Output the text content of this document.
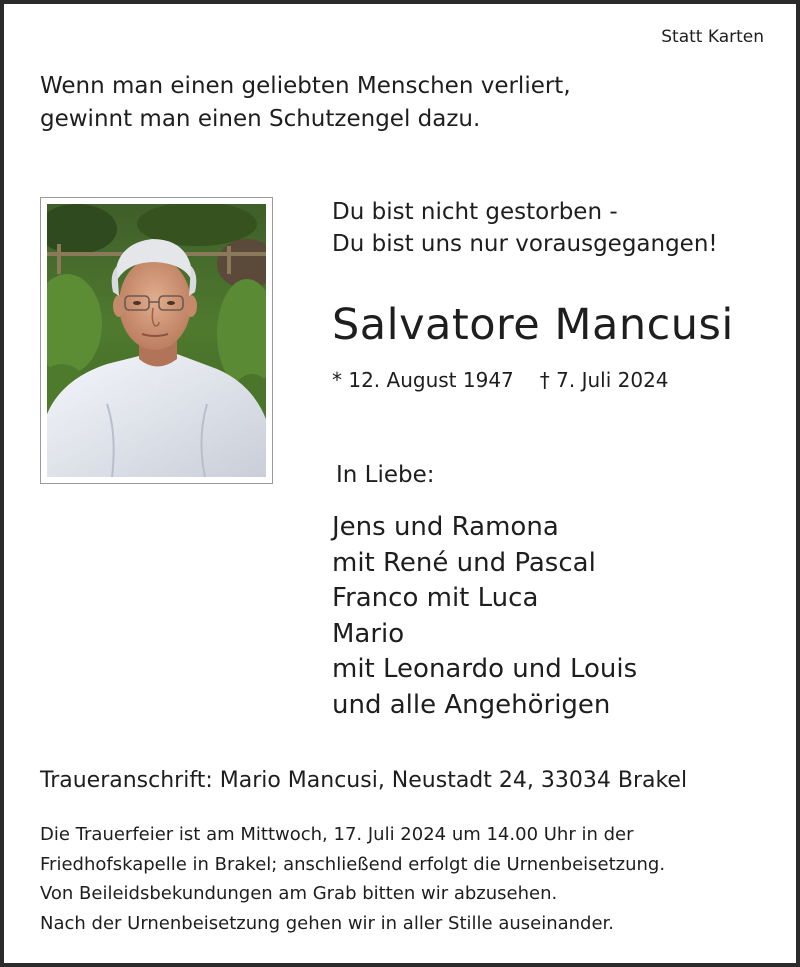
Statt Karten

Wenn man einen geliebten Menschen verliert,
gewinnt man einen Schutzengel dazu.
Du bist nicht gestorben -
Du bist uns nur vorausgegangen!
Salvatore Mancusi

* 12. August 1947 † 7. Juli 2024

In Liebe:

Jens und Ramona
mit René und Pascal
Franco mit Luca
Mario
mit Leonardo und Louis
und alle Angehörigen

Traueranschrift: Mario Mancusi, Neustadt 24, 33034 Brakel

Die Trauerfeier ist am Mittwoch, 17. Juli 2024 um 14.00 Uhr in der
Friedhofskapelle in Brakel; anschließend erfolgt die Urnenbeisetzung.
Von Beileidsbekundungen am Grab bitten wir abzusehen.
Nach der Urnenbeisetzung gehen wir in aller Stille auseinander.
